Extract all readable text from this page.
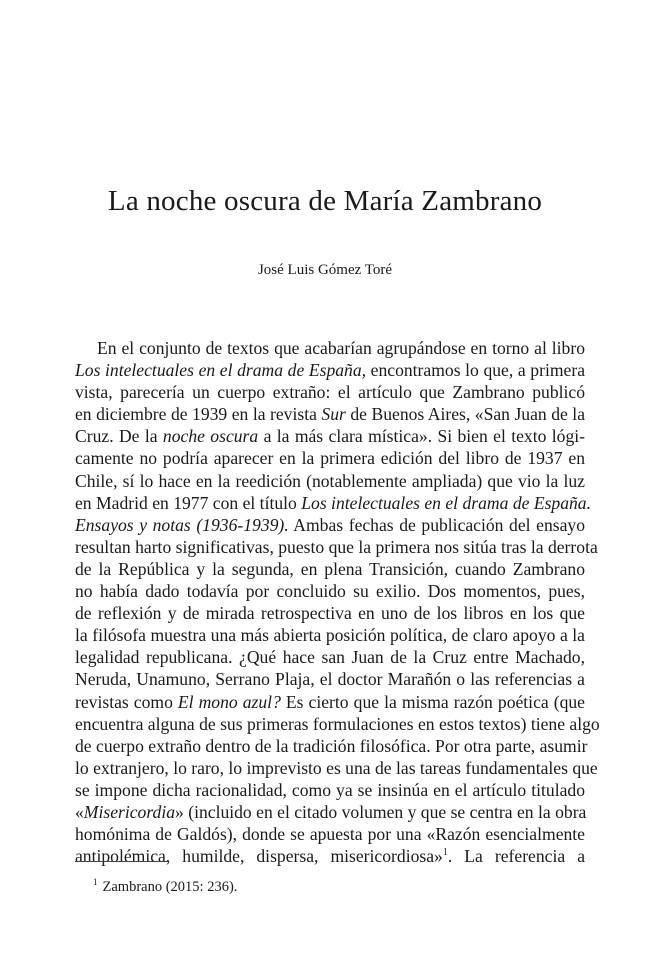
La noche oscura de María Zambrano

José Luis Gómez Toré

En el conjunto de textos que acabarían agrupándose en torno al libro
Los intelectuales en el drama de España, encontramos lo que, a primera
vista, parecería un cuerpo extraño: el artículo que Zambrano publicó
en diciembre de 1939 en la revista Sur de Buenos Aires, «San Juan de la
Cruz. De la noche oscura a la más clara mística». Si bien el texto lógi-
camente no podría aparecer en la primera edición del libro de 1937 en
Chile, sí lo hace en la reedición (notablemente ampliada) que vio la luz
en Madrid en 1977 con el título Los intelectuales en el drama de España.
Ensayos y notas (1936-1939). Ambas fechas de publicación del ensayo
resultan harto significativas, puesto que la primera nos sitúa tras la derrota
de la República y la segunda, en plena Transición, cuando Zambrano
no había dado todavía por concluido su exilio. Dos momentos, pues,
de reflexión y de mirada retrospectiva en uno de los libros en los que
la filósofa muestra una más abierta posición política, de claro apoyo a la
legalidad republicana. ¿Qué hace san Juan de la Cruz entre Machado,
Neruda, Unamuno, Serrano Plaja, el doctor Marañón o las referencias a
revistas como El mono azul? Es cierto que la misma razón poética (que
encuentra alguna de sus primeras formulaciones en estos textos) tiene algo
de cuerpo extraño dentro de la tradición filosófica. Por otra parte, asumir
lo extranjero, lo raro, lo imprevisto es una de las tareas fundamentales que
se impone dicha racionalidad, como ya se insinúa en el artículo titulado
«Misericordia» (incluido en el citado volumen y que se centra en la obra
homónima de Galdós), donde se apuesta por una «Razón esencialmente
antipolémica, humilde, dispersa, misericordiosa»$^1$. La referencia a

$^1$ Zambrano (2015: 236).
